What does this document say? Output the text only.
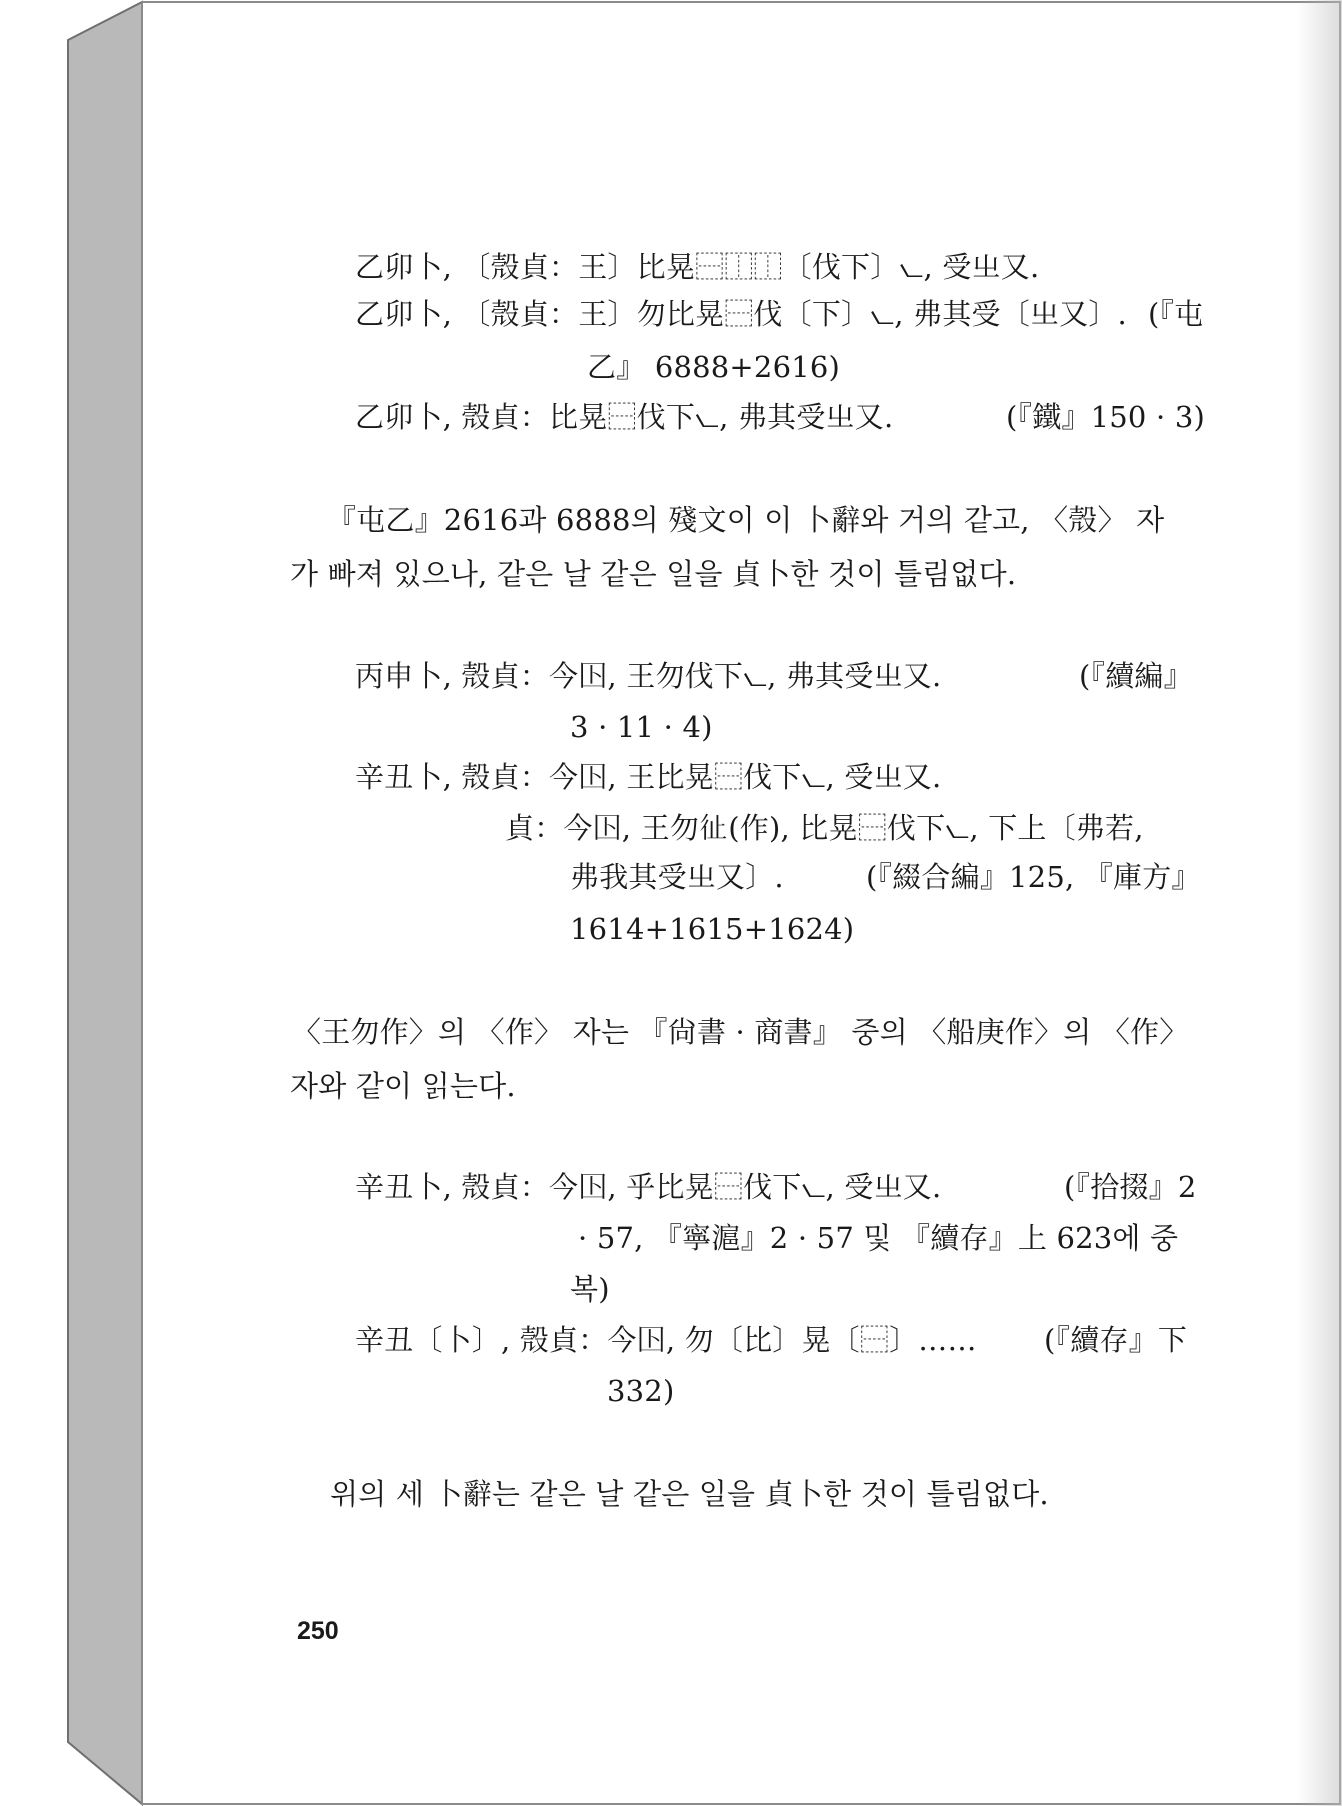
乙卯卜, 〔殼貞：王〕比晃⿱⿰⿰〔伐下〕⦦, 受㞢又.
乙卯卜, 〔殼貞：王〕勿比晃⿱伐〔下〕⦦, 弗其受〔㞢又〕. (『屯
乙』 6888+2616)
乙卯卜, 殼貞：比晃⿱伐下⦦, 弗其受㞢又.	(『鐵』150 · 3)
『屯乙』2616과 6888의 殘文이 이 卜辭와 거의 같고, 〈殼〉 자
가 빠져 있으나, 같은 날 같은 일을 貞卜한 것이 틀림없다.
丙申卜, 殼貞：今𡆥, 王勿伐下⦦, 弗其受㞢又.	(『續編』
3 · 11 · 4)
辛丑卜, 殼貞：今𡆥, 王比晃⿱伐下⦦, 受㞢又.
貞：今𡆥, 王勿𢓊(作), 比晃⿱伐下⦦, 下上〔弗若,
弗我其受㞢又〕.	(『綴合編』125, 『庫方』
1614+1615+1624)
〈王勿作〉의 〈作〉 자는 『尙書 · 商書』 중의 〈船庚作〉의 〈作〉
자와 같이 읽는다.
辛丑卜, 殼貞：今𡆥, 乎比晃⿱伐下⦦, 受㞢又.	(『拾掇』2
· 57, 『寧滬』2 · 57 및 『續存』上 623에 중
복)
辛丑〔卜〕, 殼貞：今𡆥, 勿〔比〕晃〔⿱〕…… (『續存』下
332)
위의 세 卜辭는 같은 날 같은 일을 貞卜한 것이 틀림없다.
250
